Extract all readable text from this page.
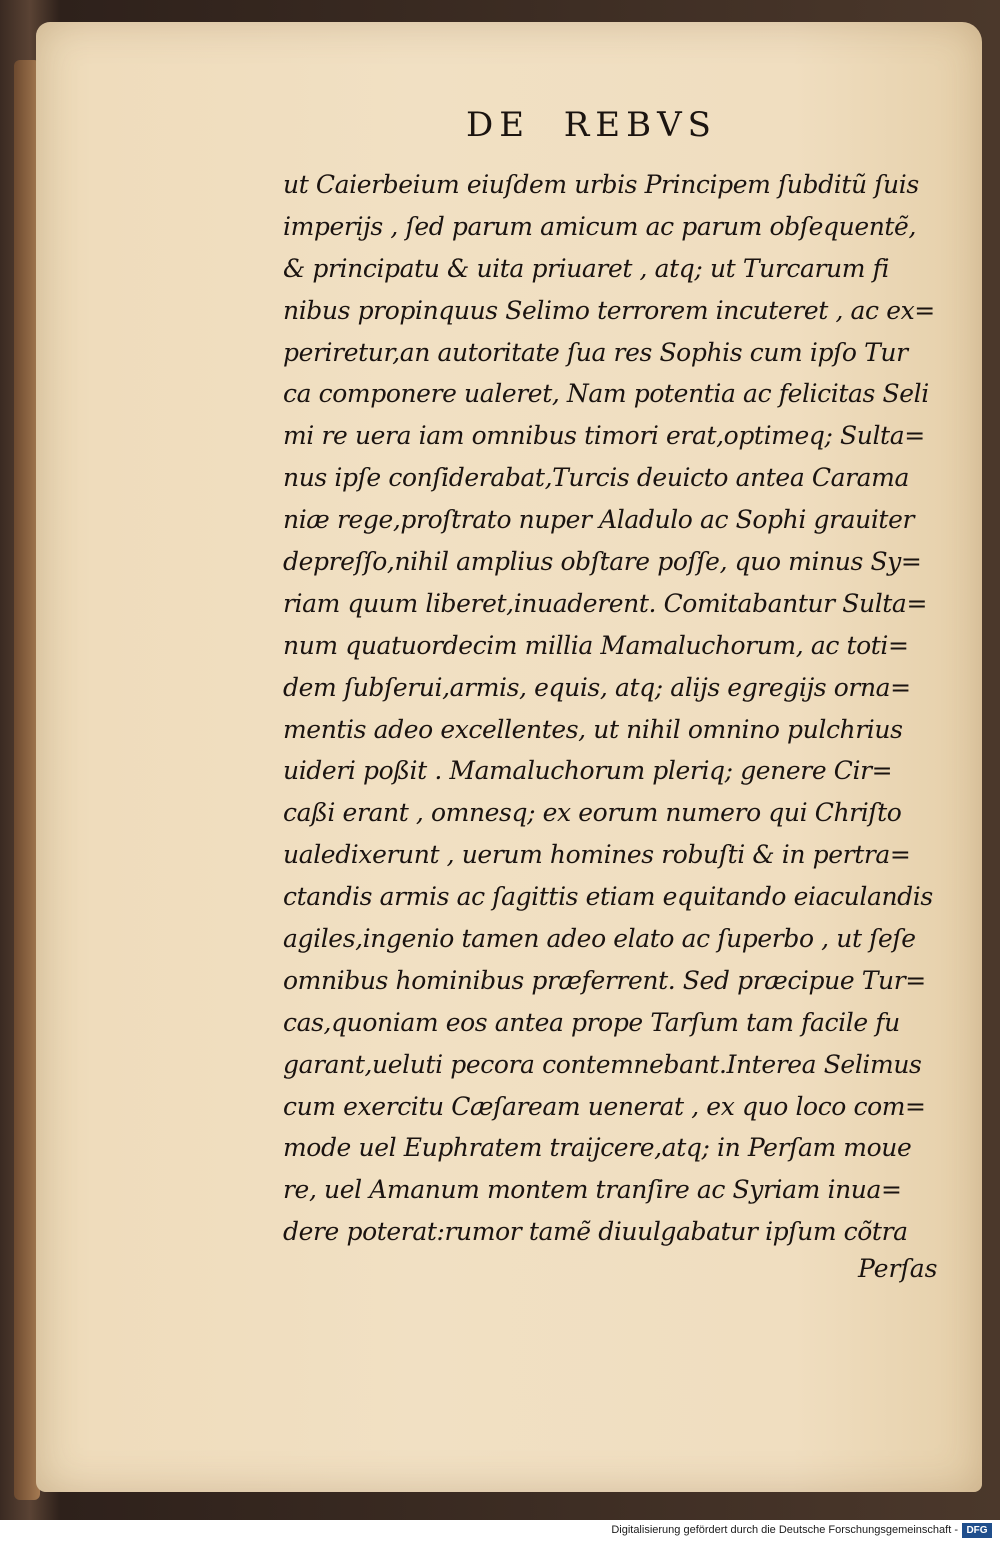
DE  REBVS
ut Caierbeium eiuſdem urbis Principem ſubditũ ſuis
imperijs , ſed parum amicum ac parum obſequentẽ,
& principatu & uita priuaret , atq; ut Turcarum fi
nibus propinquus Selimo terrorem incuteret , ac ex=
periretur,an autoritate ſua res Sophis cum ipſo Tur
ca componere ualeret, Nam potentia ac felicitas Seli
mi re uera iam omnibus timori erat,optimeq; Sulta=
nus ipſe conſiderabat,Turcis deuicto antea Carama
niæ rege,proſtrato nuper Aladulo ac Sophi grauiter
depreſſo,nihil amplius obſtare poſſe, quo minus Sy=
riam quum liberet,inuaderent. Comitabantur Sulta=
num quatuordecim millia Mamaluchorum, ac toti=
dem ſubſerui,armis, equis, atq; alijs egregijs orna=
mentis adeo excellentes, ut nihil omnino pulchrius
uideri poßit . Mamaluchorum pleriq; genere Cir=
caßi erant , omnesq; ex eorum numero qui Chriſto
ualedixerunt , uerum homines robuſti & in pertra=
ctandis armis ac ſagittis etiam equitando eiaculandis
agiles,ingenio tamen adeo elato ac ſuperbo , ut ſeſe
omnibus hominibus præferrent. Sed præcipue Tur=
cas,quoniam eos antea prope Tarſum tam facile fu
garant,ueluti pecora contemnebant.Interea Selimus
cum exercitu Cæſaream uenerat , ex quo loco com=
mode uel Euphratem traijcere,atq; in Perſam moue
re, uel Amanum montem tranſire ac Syriam inua=
dere poterat:rumor tamẽ diuulgabatur ipſum cõtra
Perſas
Digitalisierung gefördert durch die Deutsche Forschungsgemeinschaft - DFG
